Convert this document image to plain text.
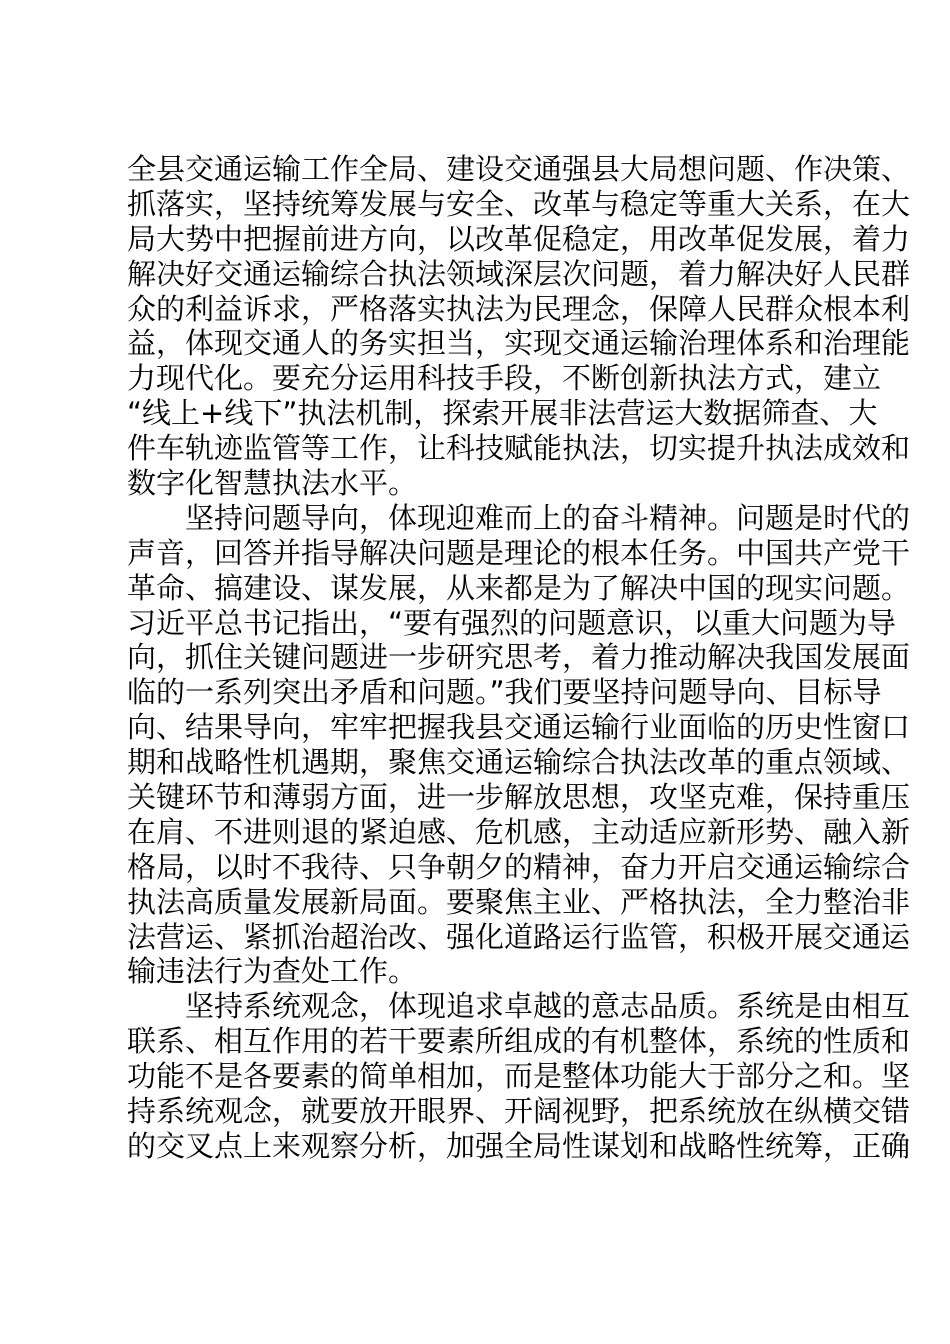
全县交通运输工作全局、建设交通强县大局想问题、作决策、
抓落实，坚持统筹发展与安全、改革与稳定等重大关系，在大
局大势中把握前进方向，以改革促稳定，用改革促发展，着力
解决好交通运输综合执法领域深层次问题，着力解决好人民群
众的利益诉求，严格落实执法为民理念，保障人民群众根本利
益，体现交通人的务实担当，实现交通运输治理体系和治理能
力现代化。要充分运用科技手段，不断创新执法方式，建立
“线上+线下”执法机制，探索开展非法营运大数据筛查、大
件车轨迹监管等工作，让科技赋能执法，切实提升执法成效和
数字化智慧执法水平。
　　坚持问题导向，体现迎难而上的奋斗精神。问题是时代的
声音，回答并指导解决问题是理论的根本任务。中国共产党干
革命、搞建设、谋发展，从来都是为了解决中国的现实问题。
习近平总书记指出，“要有强烈的问题意识，以重大问题为导
向，抓住关键问题进一步研究思考，着力推动解决我国发展面
临的一系列突出矛盾和问题。”我们要坚持问题导向、目标导
向、结果导向，牢牢把握我县交通运输行业面临的历史性窗口
期和战略性机遇期，聚焦交通运输综合执法改革的重点领域、
关键环节和薄弱方面，进一步解放思想，攻坚克难，保持重压
在肩、不进则退的紧迫感、危机感，主动适应新形势、融入新
格局，以时不我待、只争朝夕的精神，奋力开启交通运输综合
执法高质量发展新局面。要聚焦主业、严格执法，全力整治非
法营运、紧抓治超治改、强化道路运行监管，积极开展交通运
输违法行为查处工作。
　　坚持系统观念，体现追求卓越的意志品质。系统是由相互
联系、相互作用的若干要素所组成的有机整体，系统的性质和
功能不是各要素的简单相加，而是整体功能大于部分之和。坚
持系统观念，就要放开眼界、开阔视野，把系统放在纵横交错
的交叉点上来观察分析，加强全局性谋划和战略性统筹，正确
